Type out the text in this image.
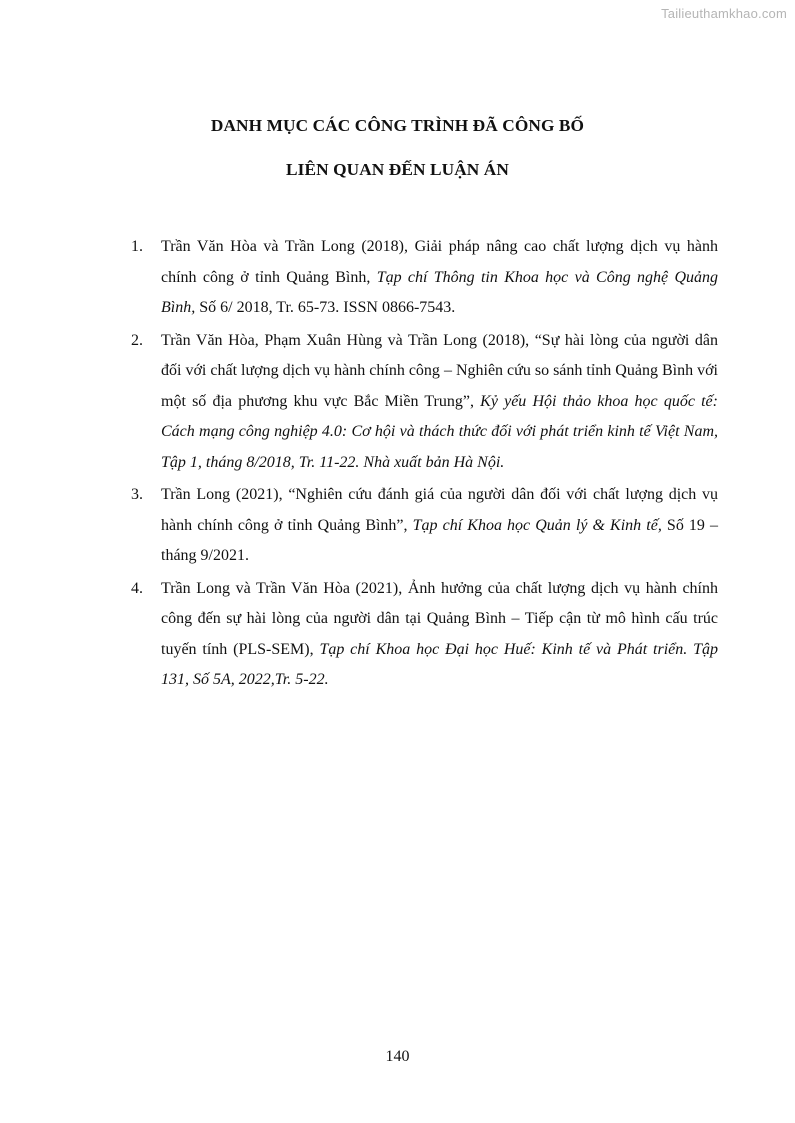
Tailieuthamkhao.com
DANH MỤC CÁC CÔNG TRÌNH ĐÃ CÔNG BỐ
LIÊN QUAN ĐẾN LUẬN ÁN
1. Trần Văn Hòa và Trần Long (2018), Giải pháp nâng cao chất lượng dịch vụ hành chính công ở tỉnh Quảng Bình, Tạp chí Thông tin Khoa học và Công nghệ Quảng Bình, Số 6/ 2018, Tr. 65-73. ISSN 0866-7543.
2. Trần Văn Hòa, Phạm Xuân Hùng và Trần Long (2018), “Sự hài lòng của người dân đối với chất lượng dịch vụ hành chính công – Nghiên cứu so sánh tỉnh Quảng Bình với một số địa phương khu vực Bắc Miền Trung”, Kỷ yếu Hội thảo khoa học quốc tế: Cách mạng công nghiệp 4.0: Cơ hội và thách thức đối với phát triển kinh tế Việt Nam, Tập 1, tháng 8/2018, Tr. 11-22. Nhà xuất bản Hà Nội.
3. Trần Long (2021), “Nghiên cứu đánh giá của người dân đối với chất lượng dịch vụ hành chính công ở tỉnh Quảng Bình”, Tạp chí Khoa học Quản lý & Kinh tế, Số 19 – tháng 9/2021.
4. Trần Long và Trần Văn Hòa (2021), Ảnh hưởng của chất lượng dịch vụ hành chính công đến sự hài lòng của người dân tại Quảng Bình – Tiếp cận từ mô hình cấu trúc tuyến tính (PLS-SEM), Tạp chí Khoa học Đại học Huế: Kinh tế và Phát triển. Tập 131, Số 5A, 2022,Tr. 5-22.
140
